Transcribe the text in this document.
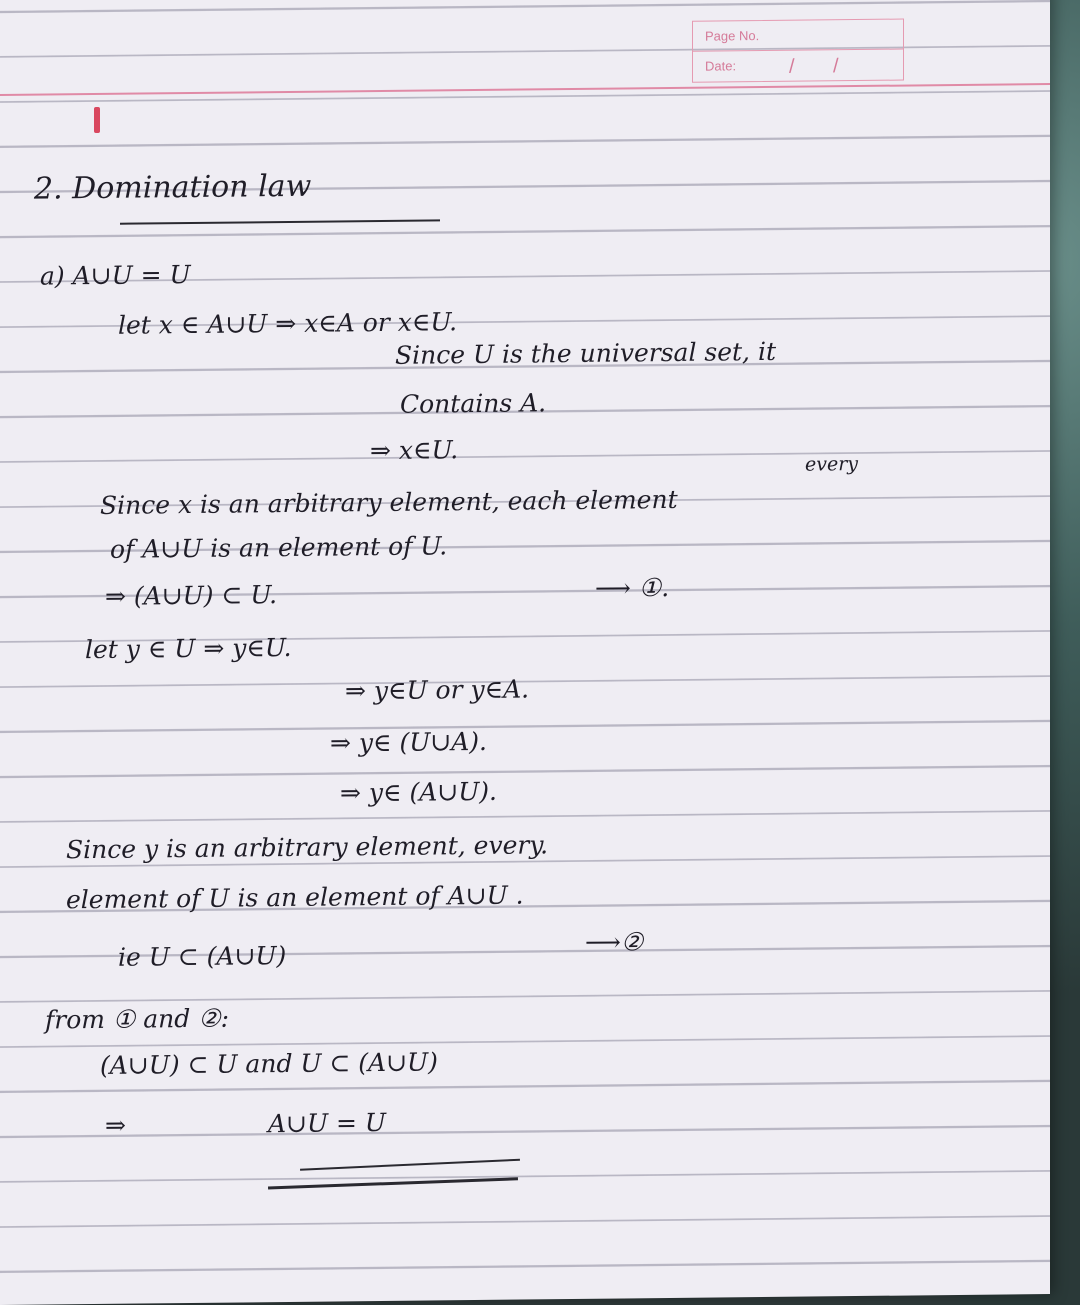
Page No.
Date:	/ /
2. Domination law
a) A∪U = U
let x ∈ A∪U ⇒ x∈A or x∈U.
Since U is the universal set, it
Contains A.
⇒ x∈U.	every
Since x is an arbitrary element, each element
of A∪U is an element of U.
⇒ (A∪U) ⊂ U.	⟶ ①.
let y ∈ U ⇒ y∈U.
⇒ y∈U or y∈A.
⇒ y∈ (U∪A).
⇒ y∈ (A∪U).
Since y is an arbitrary element, every.
element of U is an element of A∪U .
ie U ⊂ (A∪U)	⟶②
from ① and ②:
(A∪U) ⊂ U and U ⊂ (A∪U)
⇒	A∪U = U
